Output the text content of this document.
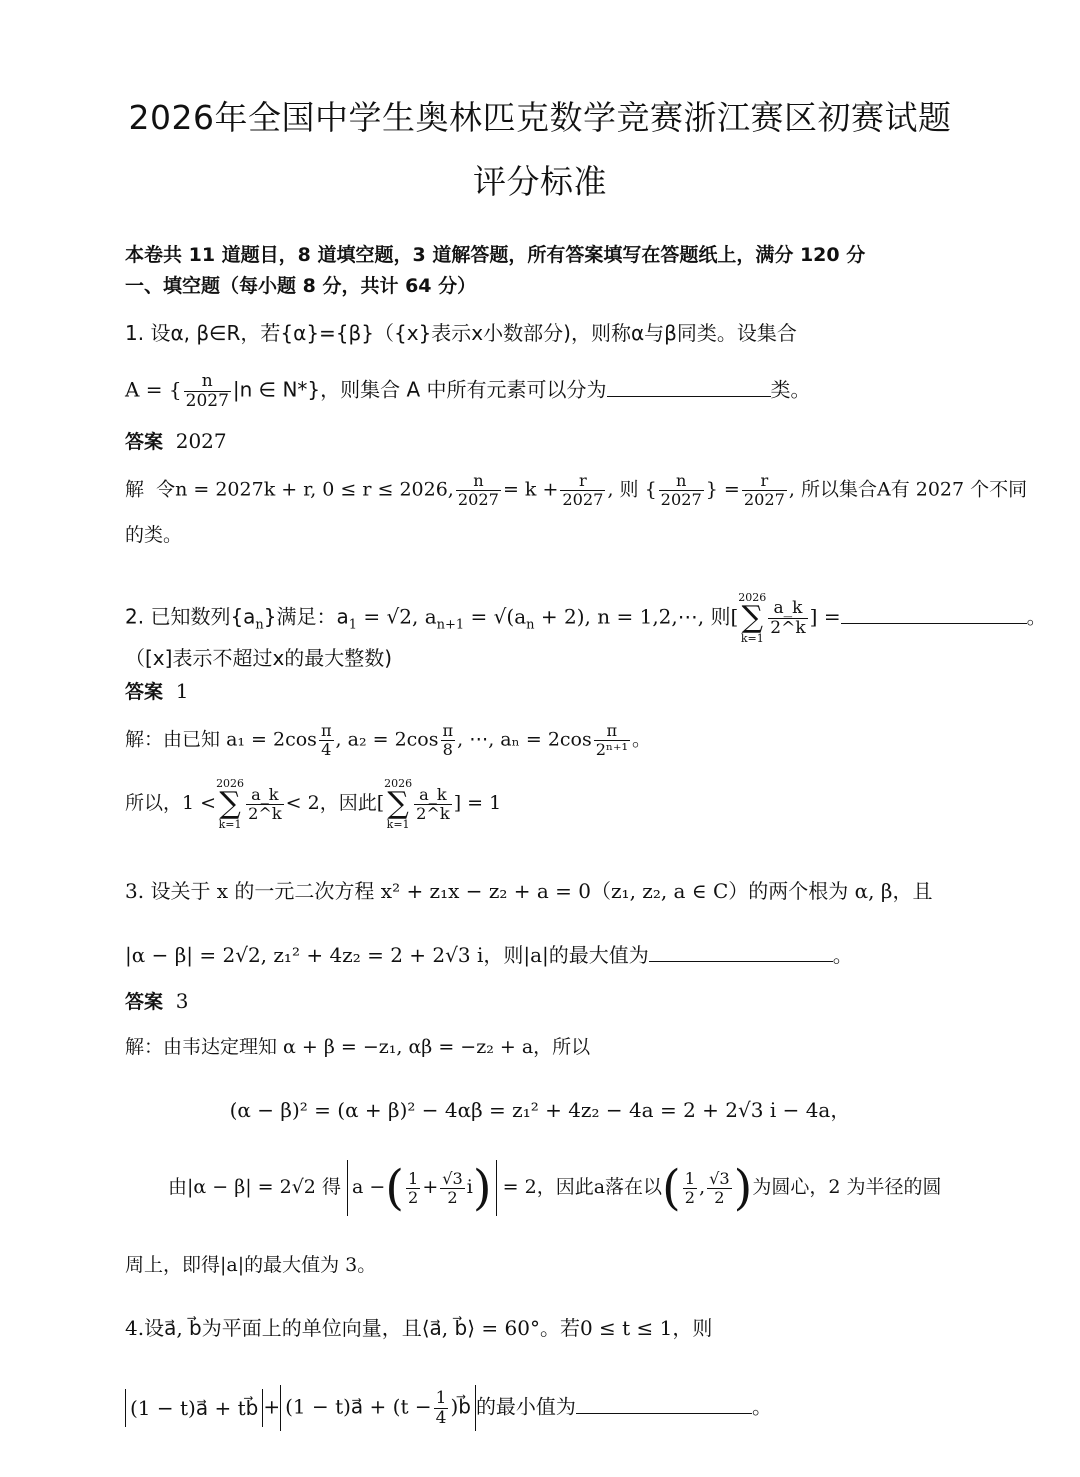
2026年全国中学生奥林匹克数学竞赛浙江赛区初赛试题
评分标准
本卷共 11 道题目，8 道填空题，3 道解答题，所有答案填写在答题纸上，满分 120 分
一、填空题（每小题 8 分，共计 64 分）
1. 设α, β∈R，若{α}={β}（{x}表示x小数部分)，则称α与β同类。设集合
A = { $\frac{n}{2027} |n$ ∈ N*}，则集合 A 中所有元素可以分为	类。
答案 2027
解 令n = 2027k + r, 0 ≤ r ≤ 2026, $\frac{n}{2027} = k + \frac{r}{2027}$ , 则 { $\frac{n}{2027}$ } = $\frac{r}{2027}$ , 所以集合A有 2027 个不同
的类。
2. 已知数列$\{a_n\}$满足：$a_1 = √2$, $a_{n+1} = √(a_n + 2)$, n = 1,2,⋯, 则[
2026
∑
k=1
$\frac{a\_k}{2\^{}k}$ ] =	。
（[x]表示不超过x的最大整数)
答案 1
解：由已知 $a_1 = 2\cos \frac{\pi}{4}$ , $a_2 = 2\cos \frac{\pi}{8}$ , ⋯, $a_n = 2\cos \frac{\pi}{\text{2ⁿ⁺¹}}$ 。
所以，1 <
2026
∑
k=1
$\frac{a\_k}{2\^{}k} < 2$，因此[
2026
∑
k=1
$\frac{a\_k}{2\^{}k}$ ] = 1
3. 设关于 x 的一元二次方程 x² + z₁x − z₂ + a = 0（z₁, z₂, a ∈ C）的两个根为 α, β，且
|α − β| = 2√2, z₁² + 4z₂ = 2 + 2√3 i，则|a|的最大值为	。
答案 3
解：由韦达定理知 α + β = −z₁, αβ = −z₂ + a，所以
(α − β)² = (α + β)² − 4αβ = z₁² + 4z₂ − 4a = 2 + 2√3 i − 4a，
由|α − β| = 2√2 得 a −( $\frac{1}{2} + \frac{√3}{2} i) = 2$，因此a落在以( $\frac{1}{2}$ , $\frac{√3}{2}$ )为圆心，2 为半径的圆
周上，即得|a|的最大值为 3。
4.设a⃗, b⃗为平面上的单位向量，且⟨a⃗, b⃗⟩ = 60°。若0 ≤ t ≤ 1，则
(1 − t)a⃗ + tb⃗ + (1 − t)a⃗ + ($t - \frac{1}{4}$ )b⃗ 的最小值为	。
